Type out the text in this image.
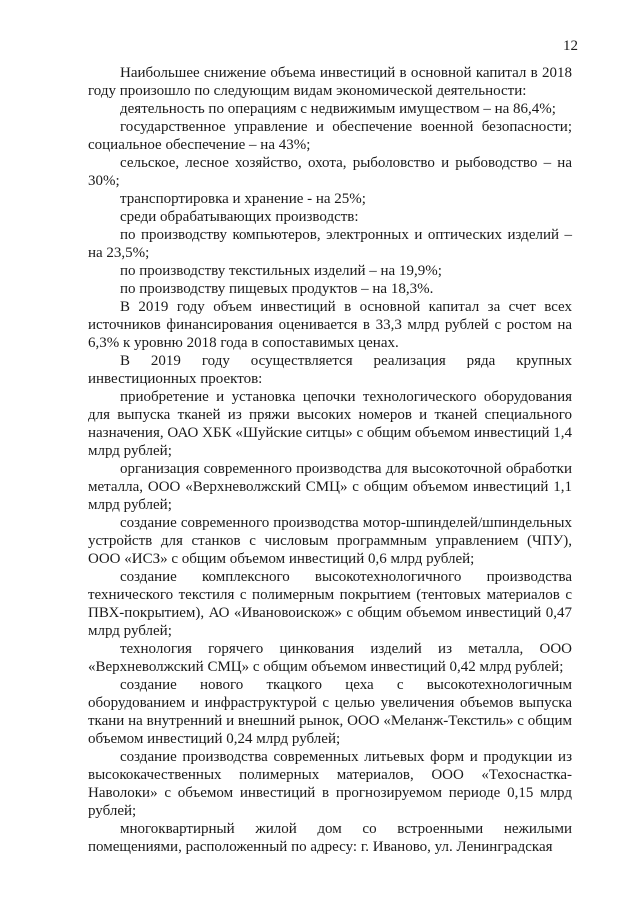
12

Наибольшее снижение объема инвестиций в основной капитал в 2018 году произошло по следующим видам экономической деятельности:

деятельность по операциям с недвижимым имуществом – на 86,4%;

государственное управление и обеспечение военной безопасности; социальное обеспечение – на 43%;

сельское, лесное хозяйство, охота, рыболовство и рыбоводство – на 30%;

транспортировка и хранение - на 25%;

среди обрабатывающих производств:

по производству компьютеров, электронных и оптических изделий – на 23,5%;

по производству текстильных изделий – на 19,9%;

по производству пищевых продуктов – на 18,3%.

В 2019 году объем инвестиций в основной капитал за счет всех источников финансирования оценивается в 33,3 млрд рублей с ростом на 6,3% к уровню 2018 года в сопоставимых ценах.

В 2019 году осуществляется реализация ряда крупных инвестиционных проектов:

приобретение и установка цепочки технологического оборудования для выпуска тканей из пряжи высоких номеров и тканей специального назначения, ОАО ХБК «Шуйские ситцы» с общим объемом инвестиций 1,4 млрд рублей;

организация современного производства для высокоточной обработки металла, ООО «Верхневолжский СМЦ» с общим объемом инвестиций 1,1 млрд рублей;

создание современного производства мотор-шпинделей/шпиндельных устройств для станков с числовым программным управлением (ЧПУ), ООО «ИСЗ» с общим объемом инвестиций 0,6 млрд рублей;

создание комплексного высокотехнологичного производства технического текстиля с полимерным покрытием (тентовых материалов с ПВХ-покрытием), АО «Ивановоискож» с общим объемом инвестиций 0,47 млрд рублей;

технология горячего цинкования изделий из металла, ООО «Верхневолжский СМЦ» с общим объемом инвестиций 0,42 млрд рублей;

создание нового ткацкого цеха с высокотехнологичным оборудованием и инфраструктурой с целью увеличения объемов выпуска ткани на внутренний и внешний рынок, ООО «Меланж-Текстиль» с общим объемом инвестиций 0,24 млрд рублей;

создание производства современных литьевых форм и продукции из высококачественных полимерных материалов, ООО «Техоснастка-Наволоки» с объемом инвестиций в прогнозируемом периоде 0,15 млрд рублей;

многоквартирный жилой дом со встроенными нежилыми помещениями, расположенный по адресу: г. Иваново, ул. Ленинградская
